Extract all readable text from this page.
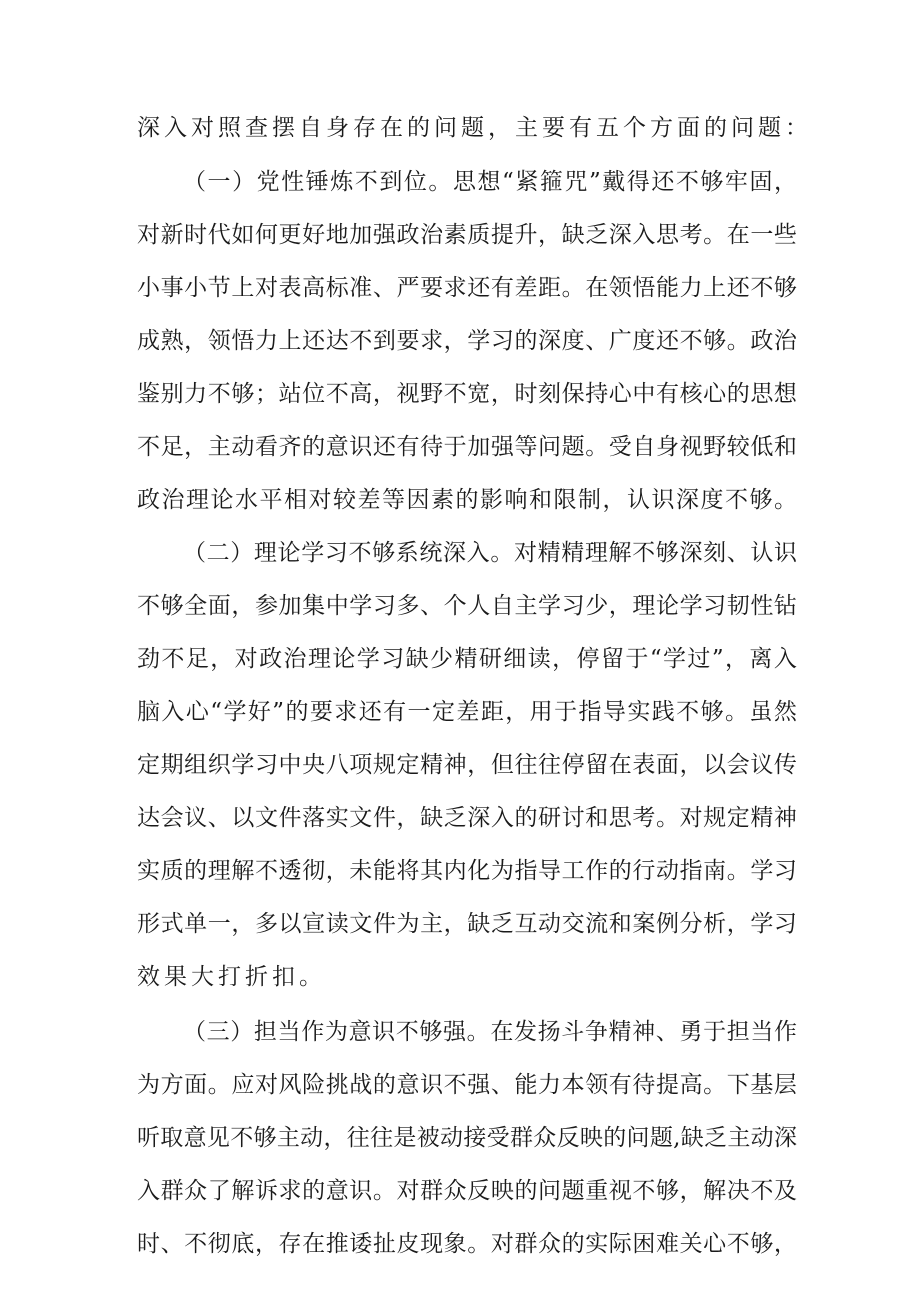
深入对照查摆自身存在的问题，主要有五个方面的问题：
（一）党性锤炼不到位。思想“紧箍咒”戴得还不够牢固，
对新时代如何更好地加强政治素质提升，缺乏深入思考。在一些
小事小节上对表高标准、严要求还有差距。在领悟能力上还不够
成熟，领悟力上还达不到要求，学习的深度、广度还不够。政治
鉴别力不够；站位不高，视野不宽，时刻保持心中有核心的思想
不足，主动看齐的意识还有待于加强等问题。受自身视野较低和
政治理论水平相对较差等因素的影响和限制，认识深度不够。
（二）理论学习不够系统深入。对精精理解不够深刻、认识
不够全面，参加集中学习多、个人自主学习少，理论学习韧性钻
劲不足，对政治理论学习缺少精研细读，停留于“学过”，离入
脑入心“学好”的要求还有一定差距，用于指导实践不够。虽然
定期组织学习中央八项规定精神，但往往停留在表面，以会议传
达会议、以文件落实文件，缺乏深入的研讨和思考。对规定精神
实质的理解不透彻，未能将其内化为指导工作的行动指南。学习
形式单一，多以宣读文件为主，缺乏互动交流和案例分析，学习
效果大打折扣。
（三）担当作为意识不够强。在发扬斗争精神、勇于担当作
为方面。应对风险挑战的意识不强、能力本领有待提高。下基层
听取意见不够主动，往往是被动接受群众反映的问题,缺乏主动深
入群众了解诉求的意识。对群众反映的问题重视不够，解决不及
时、不彻底，存在推诿扯皮现象。对群众的实际困难关心不够，
